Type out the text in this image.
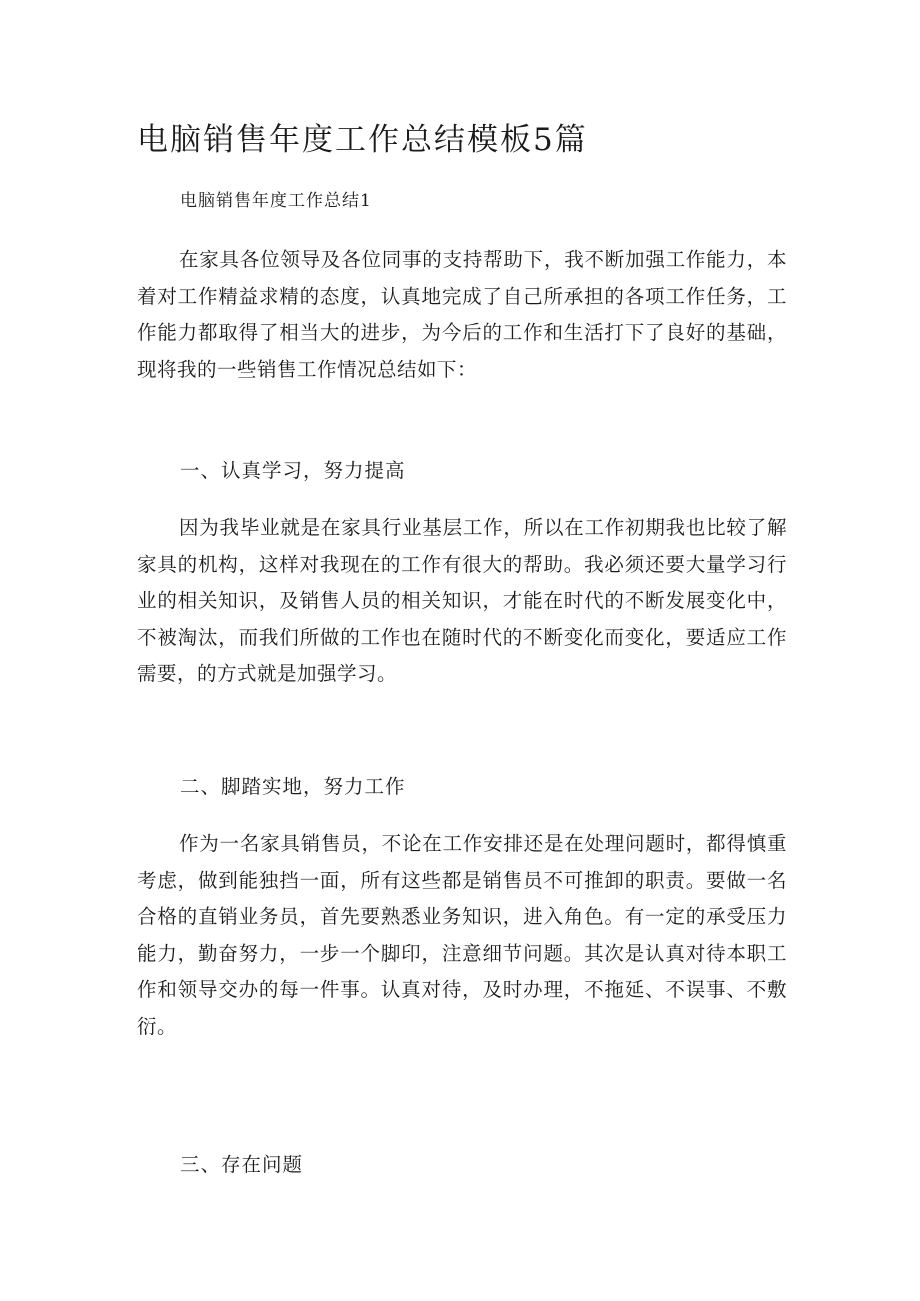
电脑销售年度工作总结模板5篇

电脑销售年度工作总结1

在家具各位领导及各位同事的支持帮助下，我不断加强工作能力，本着对工作精益求精的态度，认真地完成了自己所承担的各项工作任务，工作能力都取得了相当大的进步，为今后的工作和生活打下了良好的基础，现将我的一些销售工作情况总结如下：

一、认真学习，努力提高

因为我毕业就是在家具行业基层工作，所以在工作初期我也比较了解家具的机构，这样对我现在的工作有很大的帮助。我必须还要大量学习行业的相关知识，及销售人员的相关知识，才能在时代的不断发展变化中，不被淘汰，而我们所做的工作也在随时代的不断变化而变化，要适应工作需要，的方式就是加强学习。

二、脚踏实地，努力工作

作为一名家具销售员，不论在工作安排还是在处理问题时，都得慎重考虑，做到能独挡一面，所有这些都是销售员不可推卸的职责。要做一名合格的直销业务员，首先要熟悉业务知识，进入角色。有一定的承受压力能力，勤奋努力，一步一个脚印，注意细节问题。其次是认真对待本职工作和领导交办的每一件事。认真对待，及时办理，不拖延、不误事、不敷衍。

三、存在问题
